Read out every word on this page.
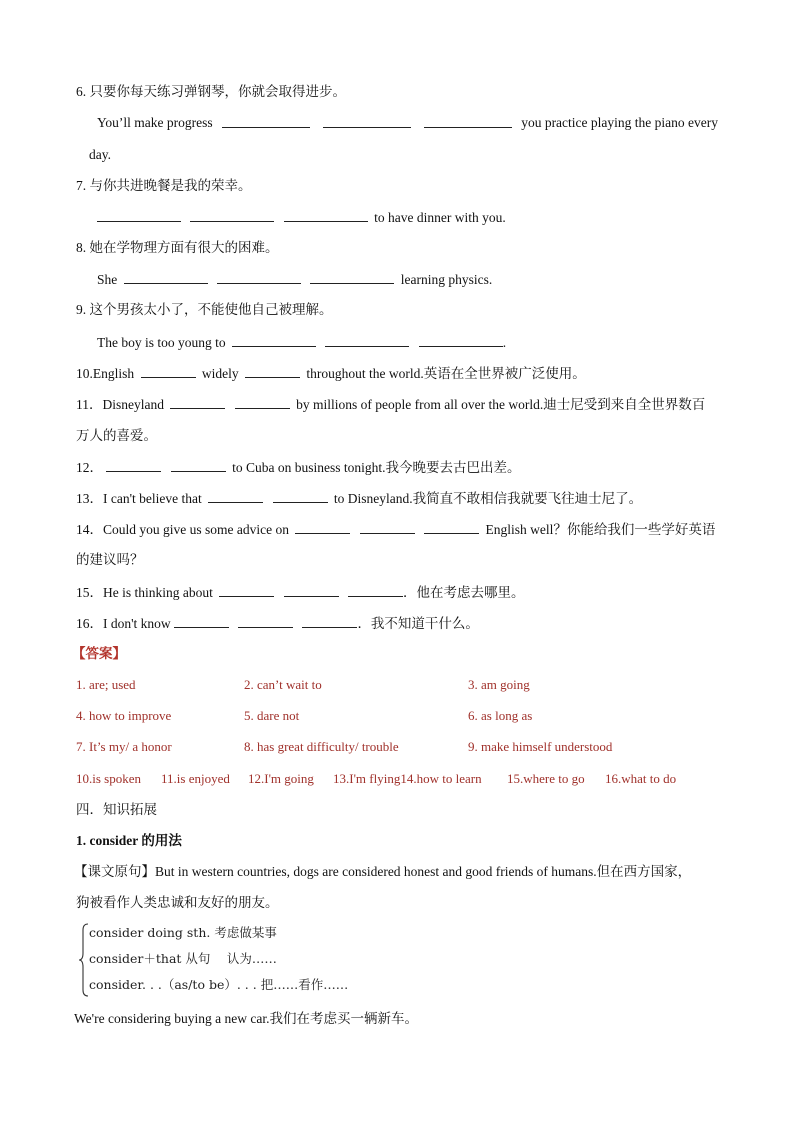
6. 只要你每天练习弹钢琴，你就会取得进步。
You’ll make progress	you practice playing the piano every
day.
7. 与你共进晚餐是我的荣幸。
to have dinner with you.
8. 她在学物理方面有很大的困难。
She	learning physics.
9. 这个男孩太小了，不能使他自己被理解。
The boy is too young to	.
10.English	widely	throughout the world.英语在全世界被广泛使用。
11．Disneyland	by millions of people from all over the world.迪士尼受到来自全世界数百
万人的喜爱。
12．	to Cuba on business tonight.我今晚要去古巴出差。
13．I can't believe that	to Disneyland.我简直不敢相信我就要飞往迪士尼了。
14．Could you give us some advice on	English well？你能给我们一些学好英语
的建议吗？
15．He is thinking about	．他在考虑去哪里。
16．I don't know	．我不知道干什么。
【答案】
1. are; used	2. can’t wait to	3. am going
4. how to improve	5. dare not	6. as long as
7. It’s my/ a honor	8. has great difficulty/ trouble	9. make himself understood
10.is spoken 11.is enjoyed 12.I'm going 13.I'm flying14.how to learn 15.where to go 16.what to do
四．知识拓展
1. consider 的用法
【课文原句】But in western countries, dogs are considered honest and good friends of humans.但在西方国家，
狗被看作人类忠诚和友好的朋友。
consider doing sth. 考虑做某事
consider＋that 从句　 认为……
consider. . .（as/to be）. . . 把……看作……
We're considering buying a new car.我们在考虑买一辆新车。
